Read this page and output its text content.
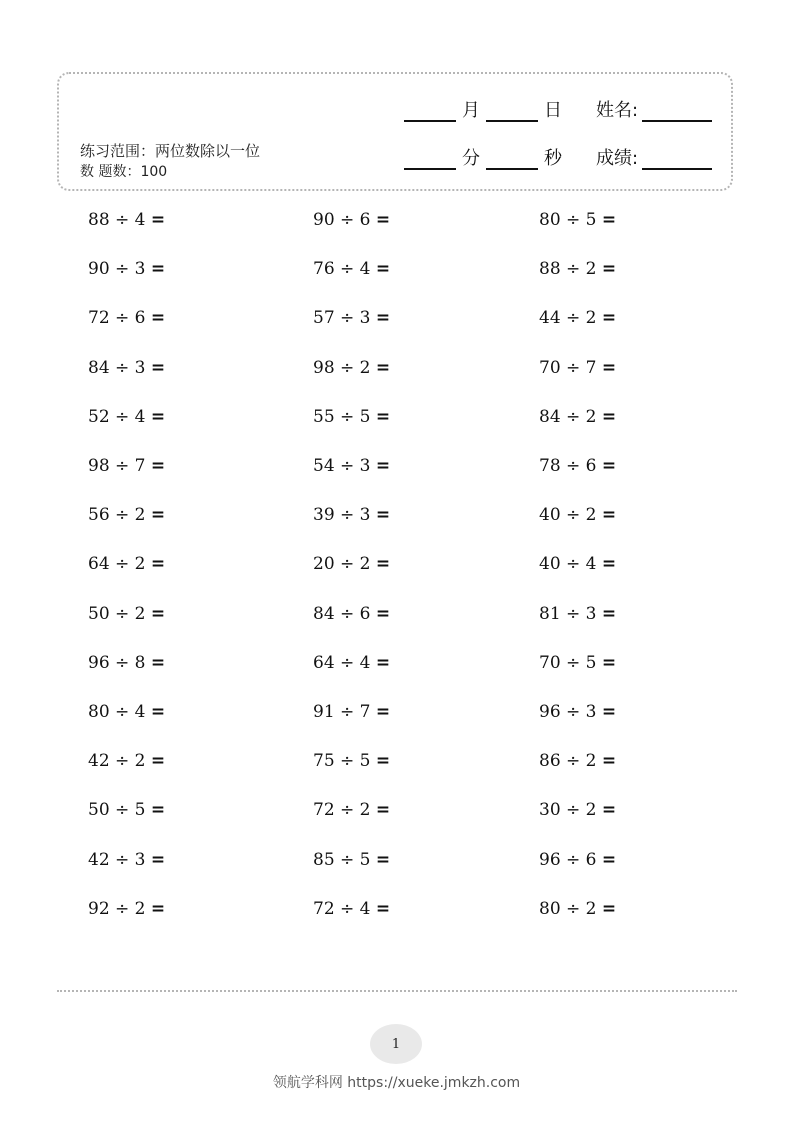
练习范围：两位数除以一位
数 题数：100
月	日 姓名:
分	秒 成绩:
88 ÷ 4 =	90 ÷ 6 =	80 ÷ 5 =
90 ÷ 3 =	76 ÷ 4 =	88 ÷ 2 =
72 ÷ 6 =	57 ÷ 3 =	44 ÷ 2 =
84 ÷ 3 =	98 ÷ 2 =	70 ÷ 7 =
52 ÷ 4 =	55 ÷ 5 =	84 ÷ 2 =
98 ÷ 7 =	54 ÷ 3 =	78 ÷ 6 =
56 ÷ 2 =	39 ÷ 3 =	40 ÷ 2 =
64 ÷ 2 =	20 ÷ 2 =	40 ÷ 4 =
50 ÷ 2 =	84 ÷ 6 =	81 ÷ 3 =
96 ÷ 8 =	64 ÷ 4 =	70 ÷ 5 =
80 ÷ 4 =	91 ÷ 7 =	96 ÷ 3 =
42 ÷ 2 =	75 ÷ 5 =	86 ÷ 2 =
50 ÷ 5 =	72 ÷ 2 =	30 ÷ 2 =
42 ÷ 3 =	85 ÷ 5 =	96 ÷ 6 =
92 ÷ 2 =	72 ÷ 4 =	80 ÷ 2 =
1
领航学科网 https://xueke.jmkzh.com
